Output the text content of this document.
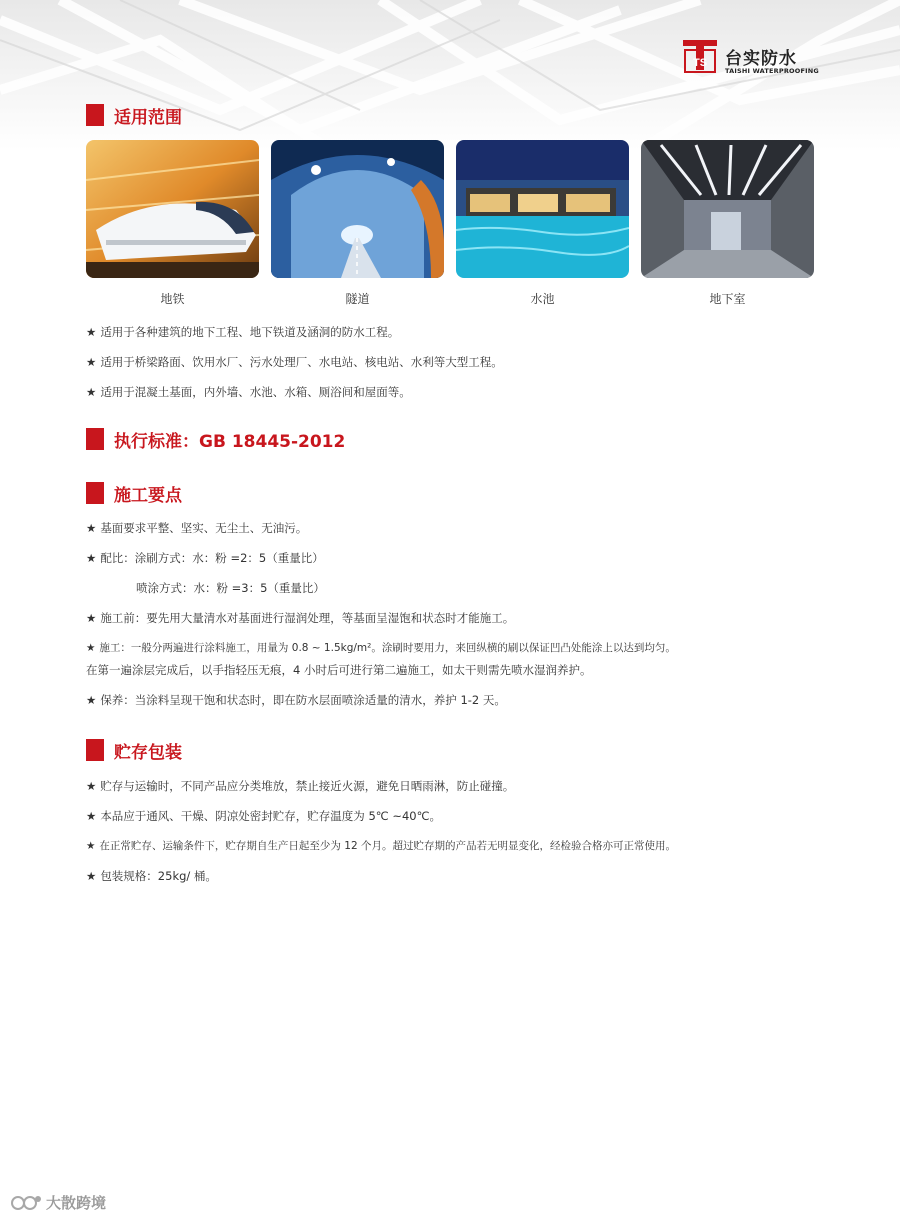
TS 台实防水
TAISHI WATERPROOFING
适用范围
地铁	隧道	水池	地下室
★ 适用于各种建筑的地下工程、地下铁道及涵洞的防水工程。
★ 适用于桥梁路面、饮用水厂、污水处理厂、水电站、核电站、水利等大型工程。
★ 适用于混凝土基面，内外墙、水池、水箱、厕浴间和屋面等。
执行标准：GB 18445-2012
施工要点
★ 基面要求平整、坚实、无尘土、无油污。
★ 配比：涂刷方式：水：粉 =2：5（重量比）
喷涂方式：水：粉 =3：5（重量比）
★ 施工前：要先用大量清水对基面进行湿润处理，等基面呈湿饱和状态时才能施工。
★ 施工：一般分两遍进行涂料施工，用量为 0.8 ~ 1.5kg/m²。涂刷时要用力，来回纵横的刷以保证凹凸处能涂上以达到均匀。
在第一遍涂层完成后，以手指轻压无痕，4 小时后可进行第二遍施工，如太干则需先喷水湿润养护。
★ 保养：当涂料呈现干饱和状态时，即在防水层面喷涂适量的清水，养护 1-2 天。
贮存包装
★ 贮存与运输时，不同产品应分类堆放，禁止接近火源，避免日晒雨淋，防止碰撞。
★ 本品应于通风、干燥、阴凉处密封贮存，贮存温度为 5℃ ~40℃。
★ 在正常贮存、运输条件下，贮存期自生产日起至少为 12 个月。超过贮存期的产品若无明显变化，经检验合格亦可正常使用。
★ 包装规格：25kg/ 桶。
大散跨境
